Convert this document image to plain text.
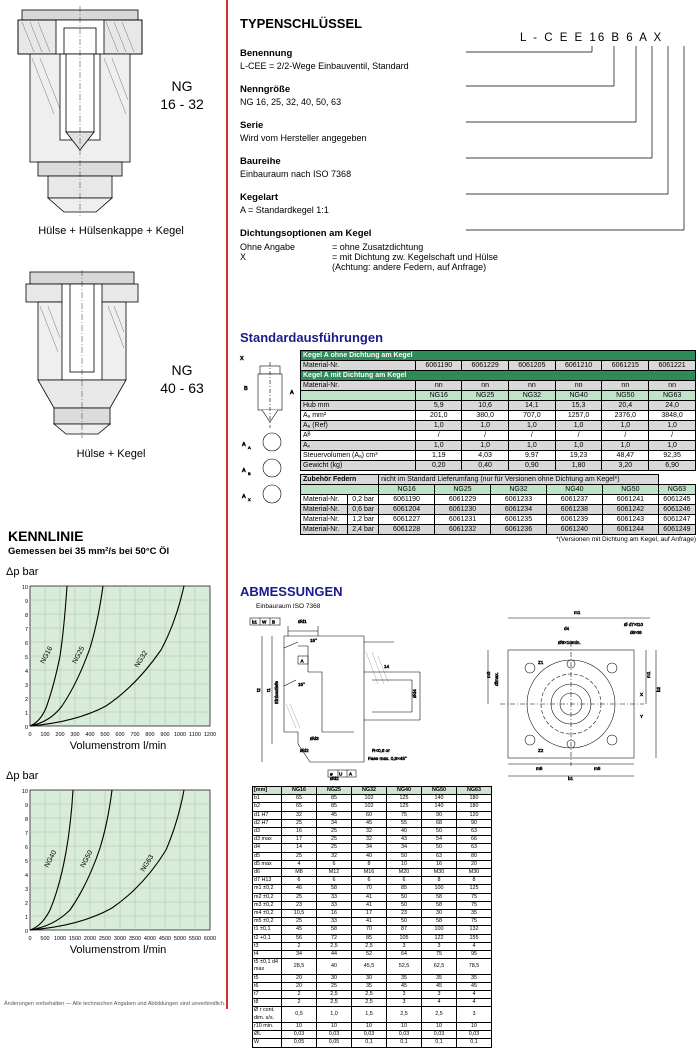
NG
16 - 32
Hülse + Hülsenkappe + Kegel
NG
40 - 63
Hülse + Kegel
KENNLINIE
Gemessen bei 35 mm²/s bei 50°C Öl
Δp bar
NG16 NG25	NG32
10
9
8
7
6
5
4
3
2
1
0
0 100 200 300 400 500 600 700 800 900 1000 1100 1200
Volumenstrom l/min
Δp bar
NG40	NG50	NG63
10
9
8
7
6
5
4
3
2
1
0
0 500 1000 1500 2000 2500 3000 3500 4000 4500 5000 5500 6000
Volumenstrom l/min
TYPENSCHLÜSSEL
L - C E E 16 B 6 A X
Benennung
L-CEE = 2/2-Wege Einbauventil, Standard
Nenngröße
NG 16, 25, 32, 40, 50, 63
Serie
Wird vom Hersteller angegeben
Baureihe
Einbauraum nach ISO 7368
Kegelart
A = Standardkegel 1:1
Dichtungsoptionen am Kegel
Ohne Angabe	= ohne Zusatzdichtung
X	= mit Dichtung zw. Kegelschaft und Hülse
(Achtung: andere Federn, auf Anfrage)
Standardausführungen
X
B
A
A A
A B
A X
Kegel A ohne Dichtung am Kegel						
Material-Nr.	6061190	6061229	6061205	6061210	6061215	6061221
Kegel A mit Dichtung am Kegel						
Material-Nr.	nn	nn	nn	nn	nn	nn
	NG16	NG25	NG32	NG40	NG50	NG63
Hub mm	5,9	10,6	14,1	15,3	20,4	24,0
Aₐ mm²	201,0	380,0	707,0	1257,0	2376,0	3848,0
Aₐ (Ref)	1,0	1,0	1,0	1,0	1,0	1,0
Aᴮ	/	/	/	/	/	/
Aₓ	1,0	1,0	1,0	1,0	1,0	1,0
Steuervolumen (Aₐ) cm³	1,19	4,03	9,97	19,23	48,47	92,35
Gewicht (kg)	0,20	0,40	0,90	1,80	3,20	6,90
Zubehör Federn		nicht im Standard Lieferumfang (nur für Versionen ohne Dichtung am Kegel*)					
		NG16	NG25	NG32	NG40	NG50	NG63
Material-Nr.	0,2 bar	6061190	6061229	6061233	6061237	6061241	6061245
Material-Nr.	0,6 bar	6061204	6061230	6061234	6061238	6061242	6061246
Material-Nr.	1,2 bar	6061227	6061231	6061235	6061239	6061243	6061247
Material-Nr.	2,4 bar	6061228	6061232	6061236	6061240	6061244	6061249
*(Versionen mit Dichtung am Kegel, auf Anfrage)
ABMESSUNGEN
Einbauraum ISO 7368
b1 W B	Ød1
A
15°
15°
14
Ød4
t2 t1 Einbautiefe
Ød3
Ød2
Ød2
R<0,8 or
Fase max. 0,8×45°
⌀ U A
m1
d4
Ø d7×t10
d6×t6
Ø8×10min.
Z1
Z2
X
Y
m3 dfmax.	m1
b2
m5	m5
b1
[mm]	NG16	NG25	NG32	NG40	NG50	NG63
b1	65	85	102	125	140	180
b2	65	85	102	125	140	180
d1 H7	32	45	60	75	90	120
d2 H7	25	34	45	55	68	90
d3	16	25	32	40	50	63
d3 max	17	25	32	43	54	66
d4	14	25	34	34	50	63
d5	25	32	40	50	63	80
d5 max	4	6	8	10	16	20
d6	M8	M12	M16	M20	M30	M30
d7 H13	6	6	6	6	8	8
m1 ±0,2	46	58	70	85	100	125
m2 ±0,2	25	33	41	50	58	75
m3 ±0,2	23	33	41	50	58	75
m4 ±0,2	10,5	16	17	23	30	35
m5 ±0,2	25	33	41	50	58	75
t1 ±0,1	45	58	70	87	100	132
t2 +0,1	56	72	85	105	122	155
t3	2	2,5	2,5	3	3	4
t4	34	44	52	64	75	95
t5 ±0,1 d4 max	28,5	40	45,5	52,5	62,5	78,5
t5	20	30	30	35	35	35
t6	20	25	35	45	45	45
t7	2	2,5	2,5	3	3	4
t8	2	2,5	2,5	3	4	4
Ø r cont. dim. s/s.	0,5	1,0	1,5	2,5	2,5	3
r10 min.	10	10	10	10	10	10
ØL	0,03	0,03	0,03	0,03	0,03	0,03
W	0,05	0,05	0,1	0,1	0,1	0,1
Änderungen vorbehalten — Alle technischen Angaben und Abbildungen sind unverbindlich.
